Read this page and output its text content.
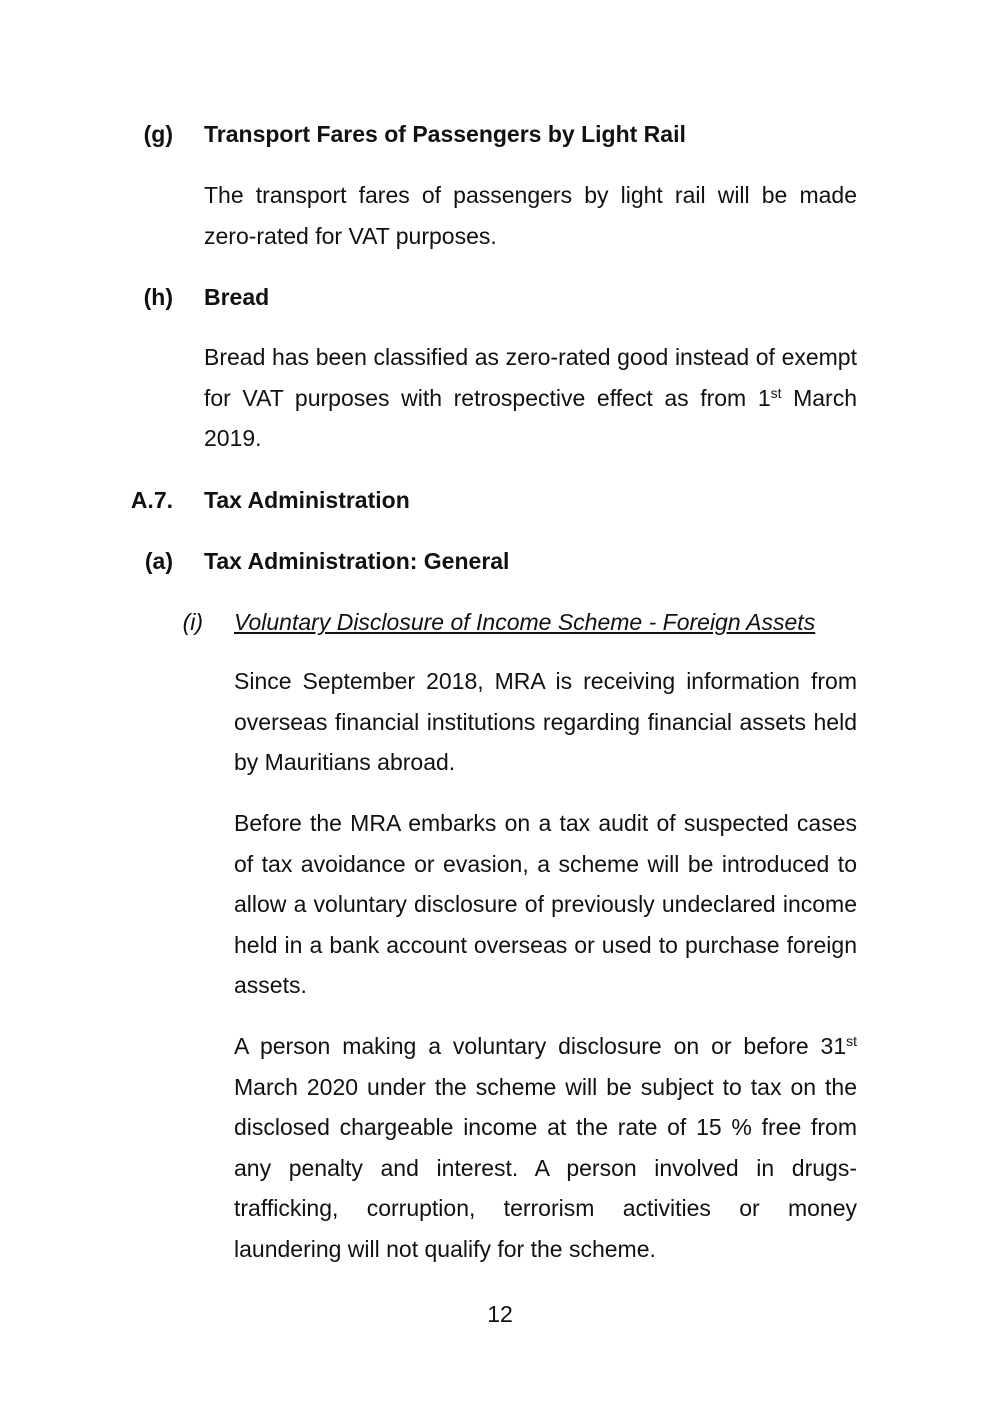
(g) Transport Fares of Passengers by Light Rail

The transport fares of passengers by light rail will be made zero-rated for VAT purposes.

(h) Bread

Bread has been classified as zero-rated good instead of exempt for VAT purposes with retrospective effect as from 1st March 2019.

A.7. Tax Administration
(a) Tax Administration: General
(i) Voluntary Disclosure of Income Scheme - Foreign Assets

Since September 2018, MRA is receiving information from overseas financial institutions regarding financial assets held by Mauritians abroad.

Before the MRA embarks on a tax audit of suspected cases of tax avoidance or evasion, a scheme will be introduced to allow a voluntary disclosure of previously undeclared income held in a bank account overseas or used to purchase foreign assets.

A person making a voluntary disclosure on or before 31st March 2020 under the scheme will be subject to tax on the disclosed chargeable income at the rate of 15 % free from any penalty and interest. A person involved in drugs-trafficking, corruption, terrorism activities or money laundering will not qualify for the scheme.

12
